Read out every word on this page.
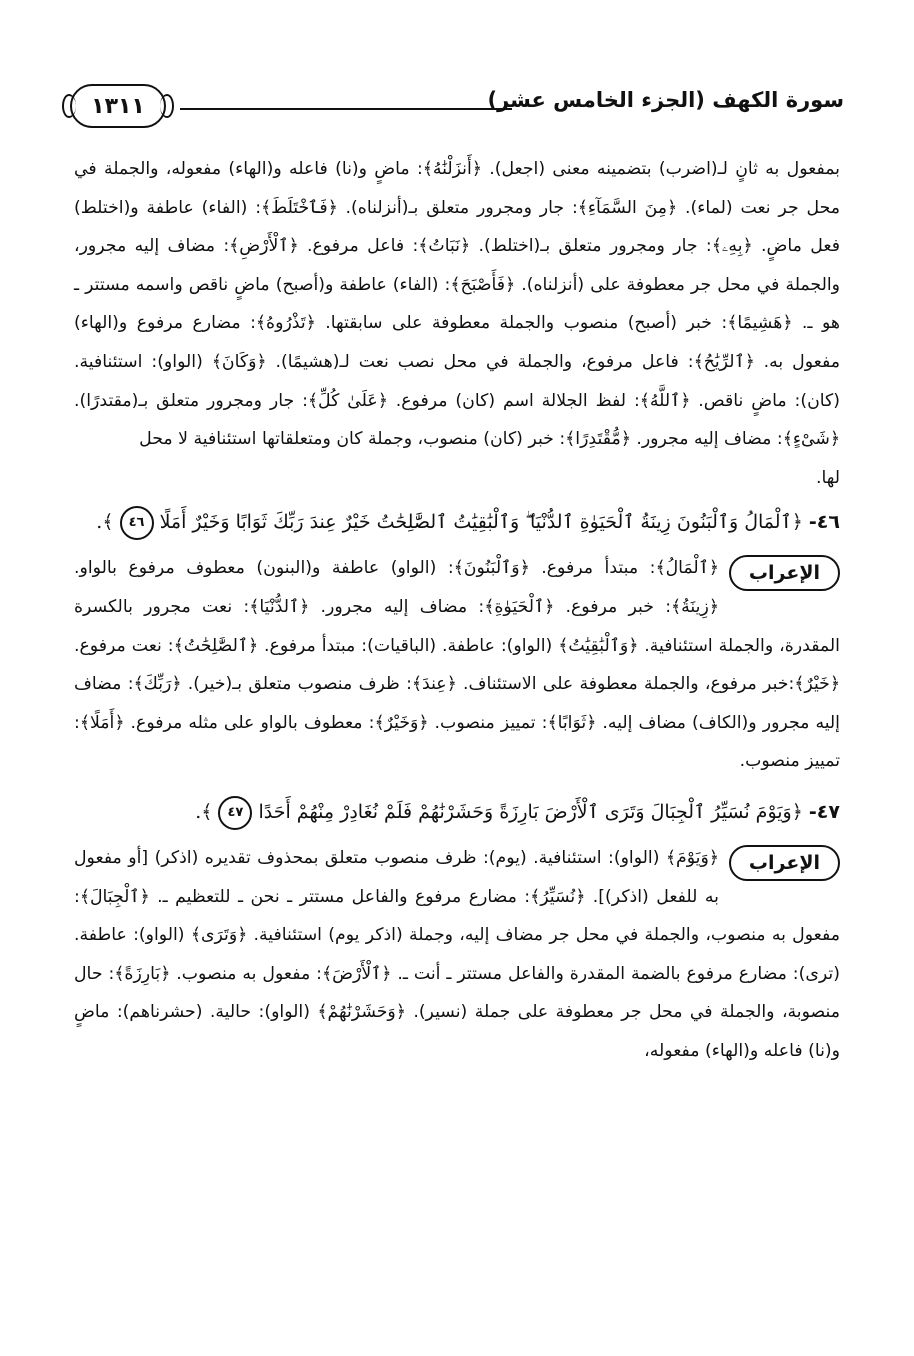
١٣١١	سورة الكهف (الجزء الخامس عشر)

بمفعول به ثانٍ لـ(اضرب) بتضمينه معنى (اجعل). ﴿أَنزَلْنَٰهُ﴾: ماضٍ و(نا) فاعله و(الهاء) مفعوله، والجملة في محل جر نعت (لماء). ﴿مِنَ السَّمَآءِ﴾: جار ومجرور متعلق بـ(أنزلناه). ﴿فَٱخْتَلَطَ﴾: (الفاء) عاطفة و(اختلط) فعل ماضٍ. ﴿بِهِۦ﴾: جار ومجرور متعلق بـ(اختلط). ﴿نَبَاتُ﴾: فاعل مرفوع. ﴿ٱلْأَرْضِ﴾: مضاف إليه مجرور، والجملة في محل جر معطوفة على (أنزلناه). ﴿فَأَصْبَحَ﴾: (الفاء) عاطفة و(أصبح) ماضٍ ناقص واسمه مستتر ـ هو ـ. ﴿هَشِيمًا﴾: خبر (أصبح) منصوب والجملة معطوفة على سابقتها. ﴿تَذْرُوهُ﴾: مضارع مرفوع و(الهاء) مفعول به. ﴿ٱلرِّيَٰحُ﴾: فاعل مرفوع، والجملة في محل نصب نعت لـ(هشيمًا). ﴿وَكَانَ﴾ (الواو): استئنافية. (كان): ماضٍ ناقص. ﴿ٱللَّهُ﴾: لفظ الجلالة اسم (كان) مرفوع. ﴿عَلَىٰ كُلِّ﴾: جار ومجرور متعلق بـ(مقتدرًا). ﴿شَىْءٍ﴾: مضاف إليه مجرور. ﴿مُّقْتَدِرًا﴾: خبر (كان) منصوب، وجملة كان ومتعلقاتها استئنافية لا محل

لها.

٤٦- ﴿ٱلْمَالُ وَٱلْبَنُونَ زِينَةُ ٱلْحَيَوٰةِ ٱلدُّنْيَا ۖ وَٱلْبَٰقِيَٰتُ ٱلصَّٰلِحَٰتُ خَيْرٌ عِندَ رَبِّكَ ثَوَابًا وَخَيْرٌ أَمَلًا ٤٦ ﴾.
الإعراب

﴿ٱلْمَالُ﴾: مبتدأ مرفوع. ﴿وَٱلْبَنُونَ﴾: (الواو) عاطفة و(البنون) معطوف مرفوع بالواو. ﴿زِينَةُ﴾: خبر مرفوع. ﴿ٱلْحَيَوٰةِ﴾: مضاف إليه مجرور. ﴿ٱلدُّنْيَا﴾: نعت مجرور بالكسرة المقدرة، والجملة استئنافية. ﴿وَٱلْبَٰقِيَٰتُ﴾ (الواو): عاطفة. (الباقيات): مبتدأ مرفوع. ﴿ٱلصَّٰلِحَٰتُ﴾: نعت مرفوع. ﴿خَيْرٌ﴾:خبر مرفوع، والجملة معطوفة على الاستئناف. ﴿عِندَ﴾: ظرف منصوب متعلق بـ(خير). ﴿رَبِّكَ﴾: مضاف إليه مجرور و(الكاف) مضاف إليه. ﴿ثَوَابًا﴾: تمييز منصوب. ﴿وَخَيْرٌ﴾: معطوف بالواو على مثله مرفوع. ﴿أَمَلًا﴾: تمييز منصوب.

٤٧- ﴿وَيَوْمَ نُسَيِّرُ ٱلْجِبَالَ وَتَرَى ٱلْأَرْضَ بَارِزَةً وَحَشَرْنَٰهُمْ فَلَمْ نُغَادِرْ مِنْهُمْ أَحَدًا ٤٧ ﴾.
الإعراب

﴿وَيَوْمَ﴾ (الواو): استئنافية. (يوم): ظرف منصوب متعلق بمحذوف تقديره (اذكر) [أو مفعول به للفعل (اذكر)]. ﴿نُسَيِّرُ﴾: مضارع مرفوع والفاعل مستتر ـ نحن ـ للتعظيم ـ. ﴿ٱلْجِبَالَ﴾: مفعول به منصوب، والجملة في محل جر مضاف إليه، وجملة (اذكر يوم) استئنافية. ﴿وَتَرَى﴾ (الواو): عاطفة. (ترى): مضارع مرفوع بالضمة المقدرة والفاعل مستتر ـ أنت ـ. ﴿ٱلْأَرْضَ﴾: مفعول به منصوب. ﴿بَارِزَةً﴾: حال منصوبة، والجملة في محل جر معطوفة على جملة (نسير). ﴿وَحَشَرْنَٰهُمْ﴾ (الواو): حالية. (حشرناهم): ماضٍ و(نا) فاعله و(الهاء) مفعوله،
